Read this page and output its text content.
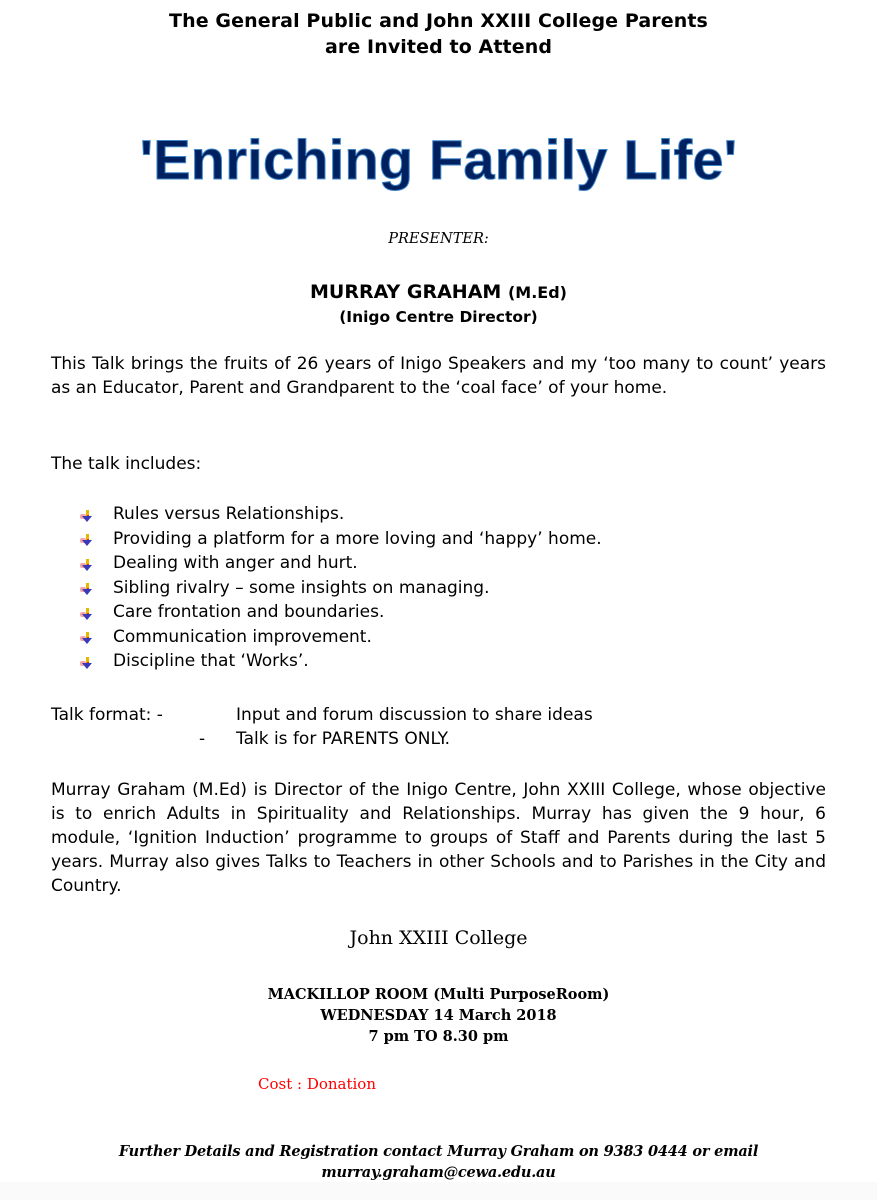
The General Public and John XXIII College Parents
are Invited to Attend
'Enriching Family Life'
PRESENTER:
MURRAY GRAHAM (M.Ed)
(Inigo Centre Director)
This Talk brings the fruits of 26 years of Inigo Speakers and my ‘too many to count’ years as an Educator, Parent and Grandparent to the ‘coal face’ of your home.
The talk includes:
Rules versus Relationships.
Providing a platform for a more loving and ‘happy’ home.
Dealing with anger and hurt.
Sibling rivalry – some insights on managing.
Care frontation and boundaries.
Communication improvement.
Discipline that ‘Works’.
Talk format: -	Input and forum discussion to share ideas
- Talk is for PARENTS ONLY.
Murray Graham (M.Ed) is Director of the Inigo Centre, John XXIII College, whose objective is to enrich Adults in Spirituality and Relationships. Murray has given the 9 hour, 6 module, ‘Ignition Induction’ programme to groups of Staff and Parents during the last 5 years. Murray also gives Talks to Teachers in other Schools and to Parishes in the City and Country.
John XXIII College
MACKILLOP ROOM (Multi PurposeRoom)
WEDNESDAY 14 March 2018
7 pm TO 8.30 pm
Cost : Donation
Further Details and Registration contact Murray Graham on 9383 0444 or email
murray.graham@cewa.edu.au
